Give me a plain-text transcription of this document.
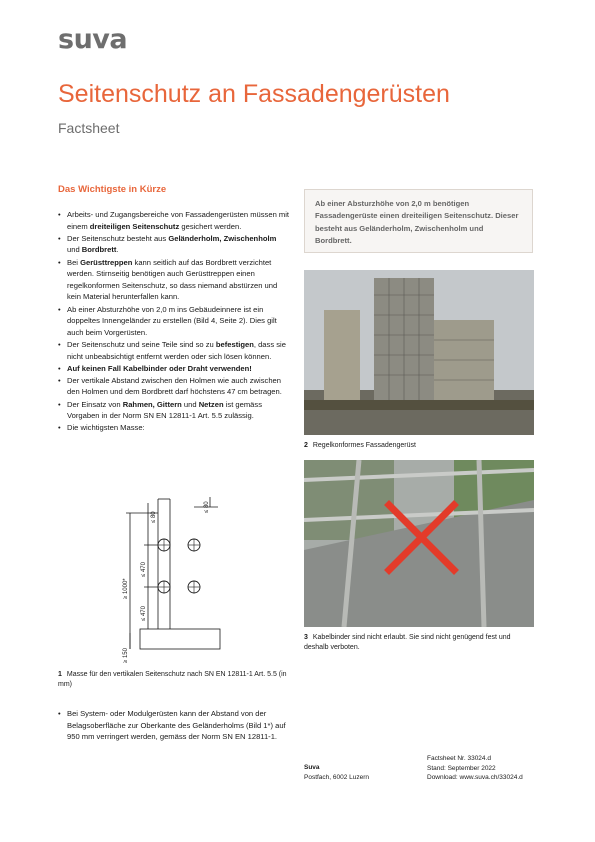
suva
Seitenschutz an Fassadengerüsten
Factsheet
Das Wichtigste in Kürze
• Arbeits- und Zugangsbereiche von Fassadengerüsten müssen mit einem dreiteiligen Seitenschutz gesichert werden.
• Der Seitenschutz besteht aus Geländerholm, Zwischenholm und Bordbrett.
• Bei Gerüsttreppen kann seitlich auf das Bordbrett verzichtet werden. Stirnseitig benötigen auch Gerüsttreppen einen regelkonformen Seitenschutz, so dass niemand abstürzen und kein Material herunterfallen kann.
• Ab einer Absturzhöhe von 2,0 m ins Gebäudeinnere ist ein doppeltes Innengeländer zu erstellen (Bild 4, Seite 2). Dies gilt auch beim Vorgerüsten.
• Der Seitenschutz und seine Teile sind so zu befestigen, dass sie nicht unbeabsichtigt entfernt werden oder sich lösen können.
• Auf keinen Fall Kabelbinder oder Draht verwenden!
• Der vertikale Abstand zwischen den Holmen wie auch zwischen den Holmen und dem Bordbrett darf höchstens 47 cm betragen.
• Der Einsatz von Rahmen, Gittern und Netzen ist gemäss Vorgaben in der Norm SN EN 12811-1 Art. 5.5 zulässig.
• Die wichtigsten Masse:
≤ 80
≤ 80
≤ 470
≤ 470
≥ 1000*
≥ 150
1 Masse für den vertikalen Seitenschutz nach SN EN 12811-1 Art. 5.5 (in mm)
• Bei System- oder Modulgerüsten kann der Abstand von der Belagsoberfläche zur Oberkante des Geländerholms (Bild 1*) auf 950 mm verringert werden, gemäss der Norm SN EN 12811-1.
Ab einer Absturzhöhe von 2,0 m benötigen Fassadengerüste einen dreiteiligen Seitenschutz. Dieser besteht aus Geländerholm, Zwischenholm und Bordbrett.
2 Regelkonformes Fassadengerüst
3 Kabelbinder sind nicht erlaubt. Sie sind nicht genügend fest und deshalb verboten.
Suva
Postfach, 6002 Luzern
Factsheet Nr. 33024.d
Stand: September 2022
Download: www.suva.ch/33024.d
